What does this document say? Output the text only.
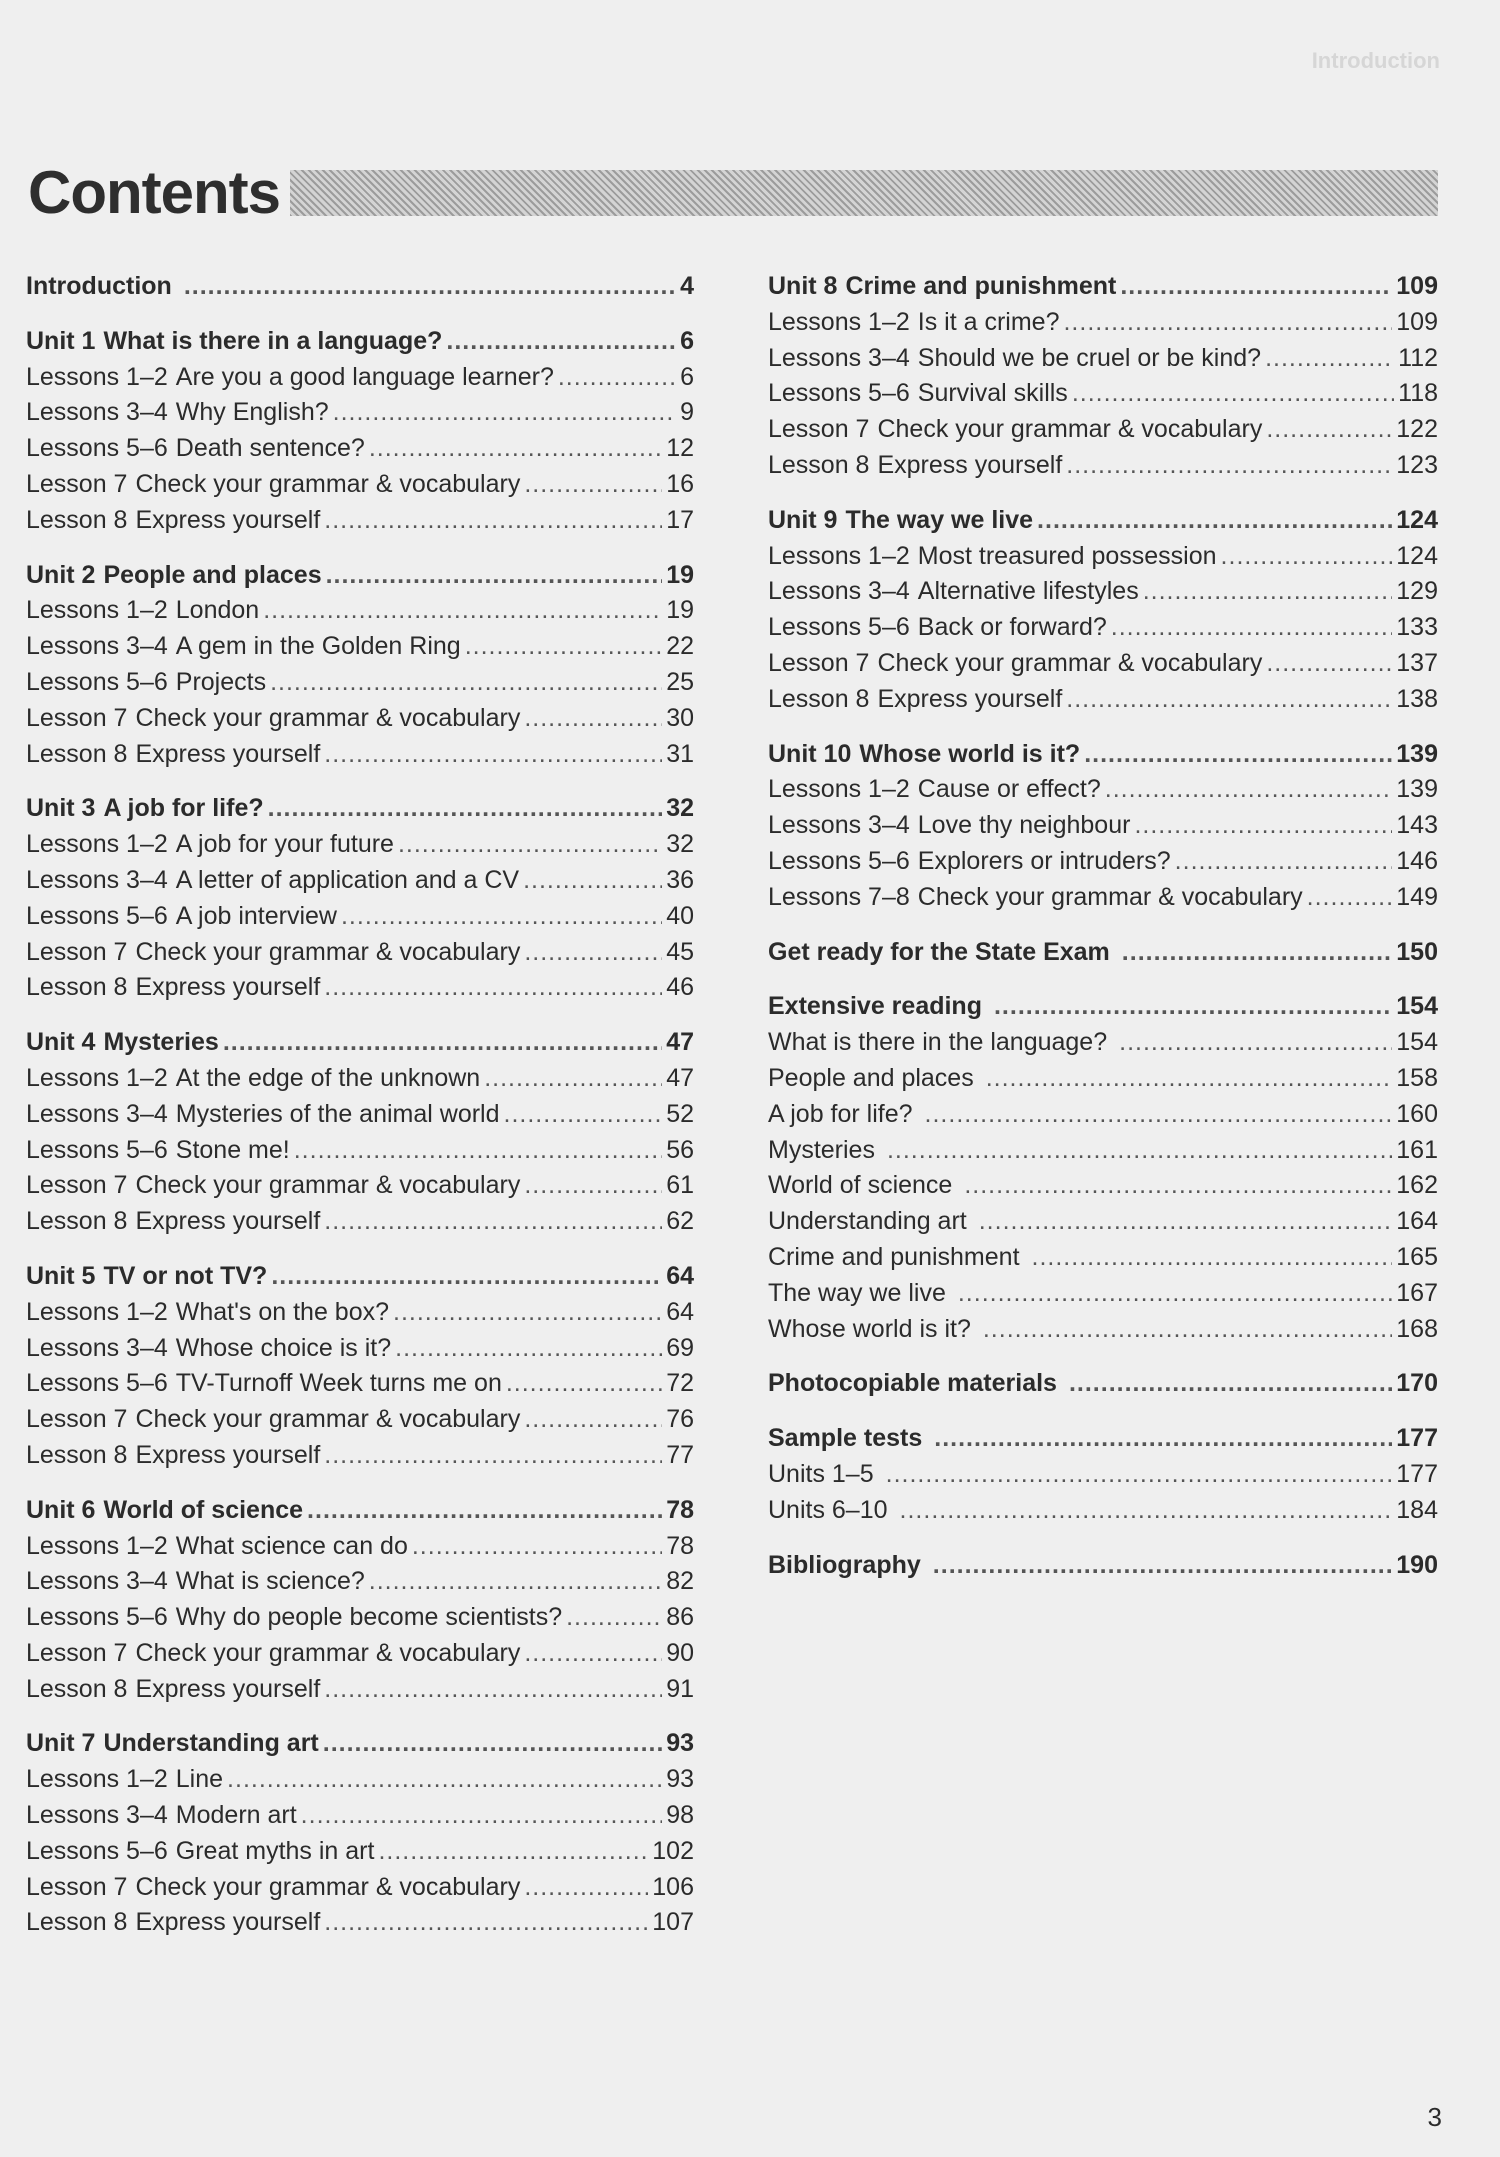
Introduction
Contents
Introduction .....	4
Unit 1 What is there in a language? .....	6
Lessons 1–2 Are you a good language learner? .....	6
Lessons 3–4 Why English? .....	9
Lessons 5–6 Death sentence? .....	12
Lesson 7 Check your grammar & vocabulary .....	16
Lesson 8 Express yourself .....	17
Unit 2 People and places .....	19
Lessons 1–2 London .....	19
Lessons 3–4 A gem in the Golden Ring .....	22
Lessons 5–6 Projects .....	25
Lesson 7 Check your grammar & vocabulary .....	30
Lesson 8 Express yourself .....	31
Unit 3 A job for life? .....	32
Lessons 1–2 A job for your future .....	32
Lessons 3–4 A letter of application and a CV .....	36
Lessons 5–6 A job interview .....	40
Lesson 7 Check your grammar & vocabulary .....	45
Lesson 8 Express yourself .....	46
Unit 4 Mysteries .....	47
Lessons 1–2 At the edge of the unknown .....	47
Lessons 3–4 Mysteries of the animal world .....	52
Lessons 5–6 Stone me! .....	56
Lesson 7 Check your grammar & vocabulary .....	61
Lesson 8 Express yourself .....	62
Unit 5 TV or not TV? .....	64
Lessons 1–2 What's on the box? .....	64
Lessons 3–4 Whose choice is it? .....	69
Lessons 5–6 TV-Turnoff Week turns me on .....	72
Lesson 7 Check your grammar & vocabulary .....	76
Lesson 8 Express yourself .....	77
Unit 6 World of science .....	78
Lessons 1–2 What science can do .....	78
Lessons 3–4 What is science? .....	82
Lessons 5–6 Why do people become scientists? .....	86
Lesson 7 Check your grammar & vocabulary .....	90
Lesson 8 Express yourself .....	91
Unit 7 Understanding art .....	93
Lessons 1–2 Line .....	93
Lessons 3–4 Modern art .....	98
Lessons 5–6 Great myths in art .....	102
Lesson 7 Check your grammar & vocabulary .....	106
Lesson 8 Express yourself .....	107
Unit 8 Crime and punishment .....	109
Lessons 1–2 Is it a crime? .....	109
Lessons 3–4 Should we be cruel or be kind? .....	112
Lessons 5–6 Survival skills .....	118
Lesson 7 Check your grammar & vocabulary .....	122
Lesson 8 Express yourself .....	123
Unit 9 The way we live .....	124
Lessons 1–2 Most treasured possession .....	124
Lessons 3–4 Alternative lifestyles .....	129
Lessons 5–6 Back or forward? .....	133
Lesson 7 Check your grammar & vocabulary .....	137
Lesson 8 Express yourself .....	138
Unit 10 Whose world is it? .....	139
Lessons 1–2 Cause or effect? .....	139
Lessons 3–4 Love thy neighbour .....	143
Lessons 5–6 Explorers or intruders? .....	146
Lessons 7–8 Check your grammar & vocabulary .....	149
Get ready for the State Exam .....	150
Extensive reading .....	154
What is there in the language? .....	154
People and places .....	158
A job for life? .....	160
Mysteries .....	161
World of science .....	162
Understanding art .....	164
Crime and punishment .....	165
The way we live .....	167
Whose world is it? .....	168
Photocopiable materials .....	170
Sample tests .....	177
Units 1–5 .....	177
Units 6–10 .....	184
Bibliography .....	190
3
